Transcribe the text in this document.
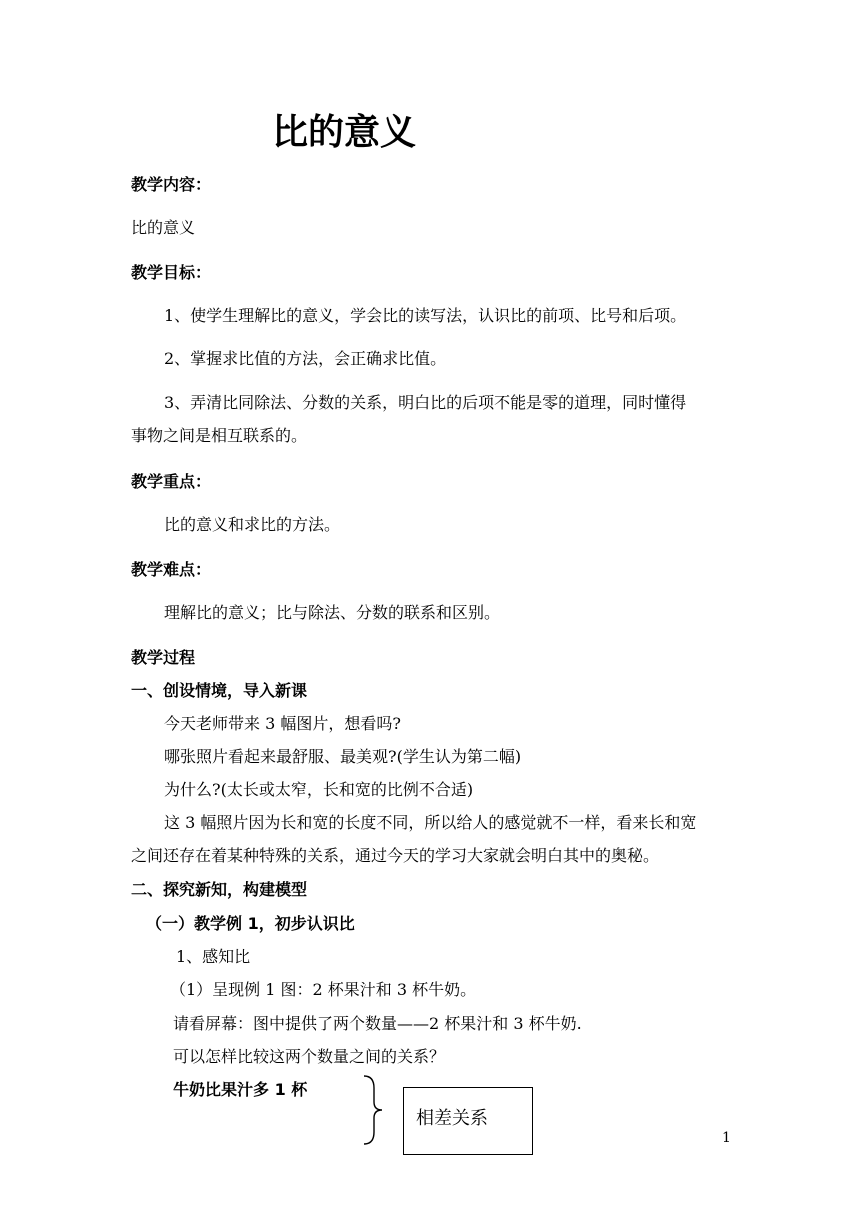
比的意义
教学内容：
比的意义
教学目标：
1、使学生理解比的意义，学会比的读写法，认识比的前项、比号和后项。
2、掌握求比值的方法，会正确求比值。
3、弄清比同除法、分数的关系，明白比的后项不能是零的道理，同时懂得
事物之间是相互联系的。
教学重点：
比的意义和求比的方法。
教学难点：
理解比的意义；比与除法、分数的联系和区别。
教学过程
一、创设情境，导入新课
今天老师带来 3 幅图片，想看吗?
哪张照片看起来最舒服、最美观?(学生认为第二幅)
为什么?(太长或太窄，长和宽的比例不合适)
这 3 幅照片因为长和宽的长度不同，所以给人的感觉就不一样，看来长和宽
之间还存在着某种特殊的关系，通过今天的学习大家就会明白其中的奥秘。
二、探究新知，构建模型
（一）教学例 1，初步认识比
1、感知比
（1）呈现例 1 图：2 杯果汁和 3 杯牛奶。
请看屏幕：图中提供了两个数量——2 杯果汁和 3 杯牛奶.
可以怎样比较这两个数量之间的关系？
牛奶比果汁多 1 杯
相差关系
1
